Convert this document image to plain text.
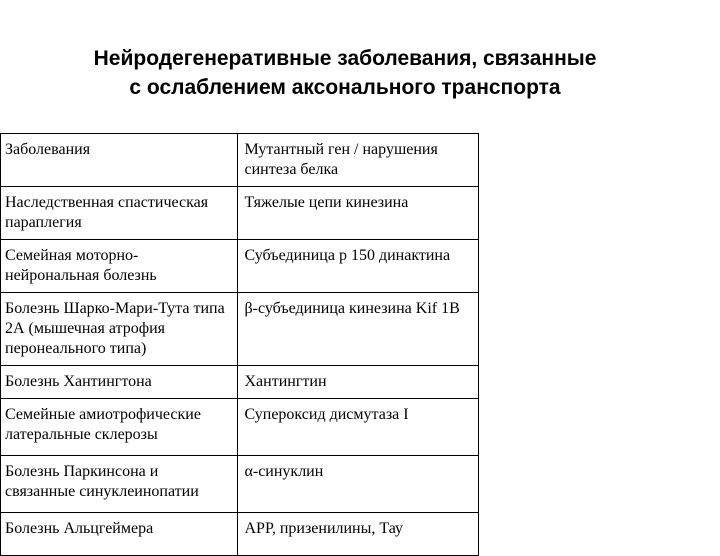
Нейродегенеративные заболевания, связанные
с ослаблением аксонального транспорта
Заболевания	Мутантный ген / нарушения синтеза белка
Наследственная спастическая параплегия	Тяжелые цепи кинезина
Семейная моторно-нейрональная болезнь	Субъединица р 150 динактина
Болезнь Шарко-Мари-Тута типа 2А (мышечная атрофия перонеального типа)	β-субъединица кинезина Kif 1B
Болезнь Хантингтона	Хантингтин
Семейные амиотрофические латеральные склерозы	Супероксид дисмутаза I
Болезнь Паркинсона и связанные синуклеинопатии	α-синуклин
Болезнь Альцгеймера	АРР, призенилины, Тау
